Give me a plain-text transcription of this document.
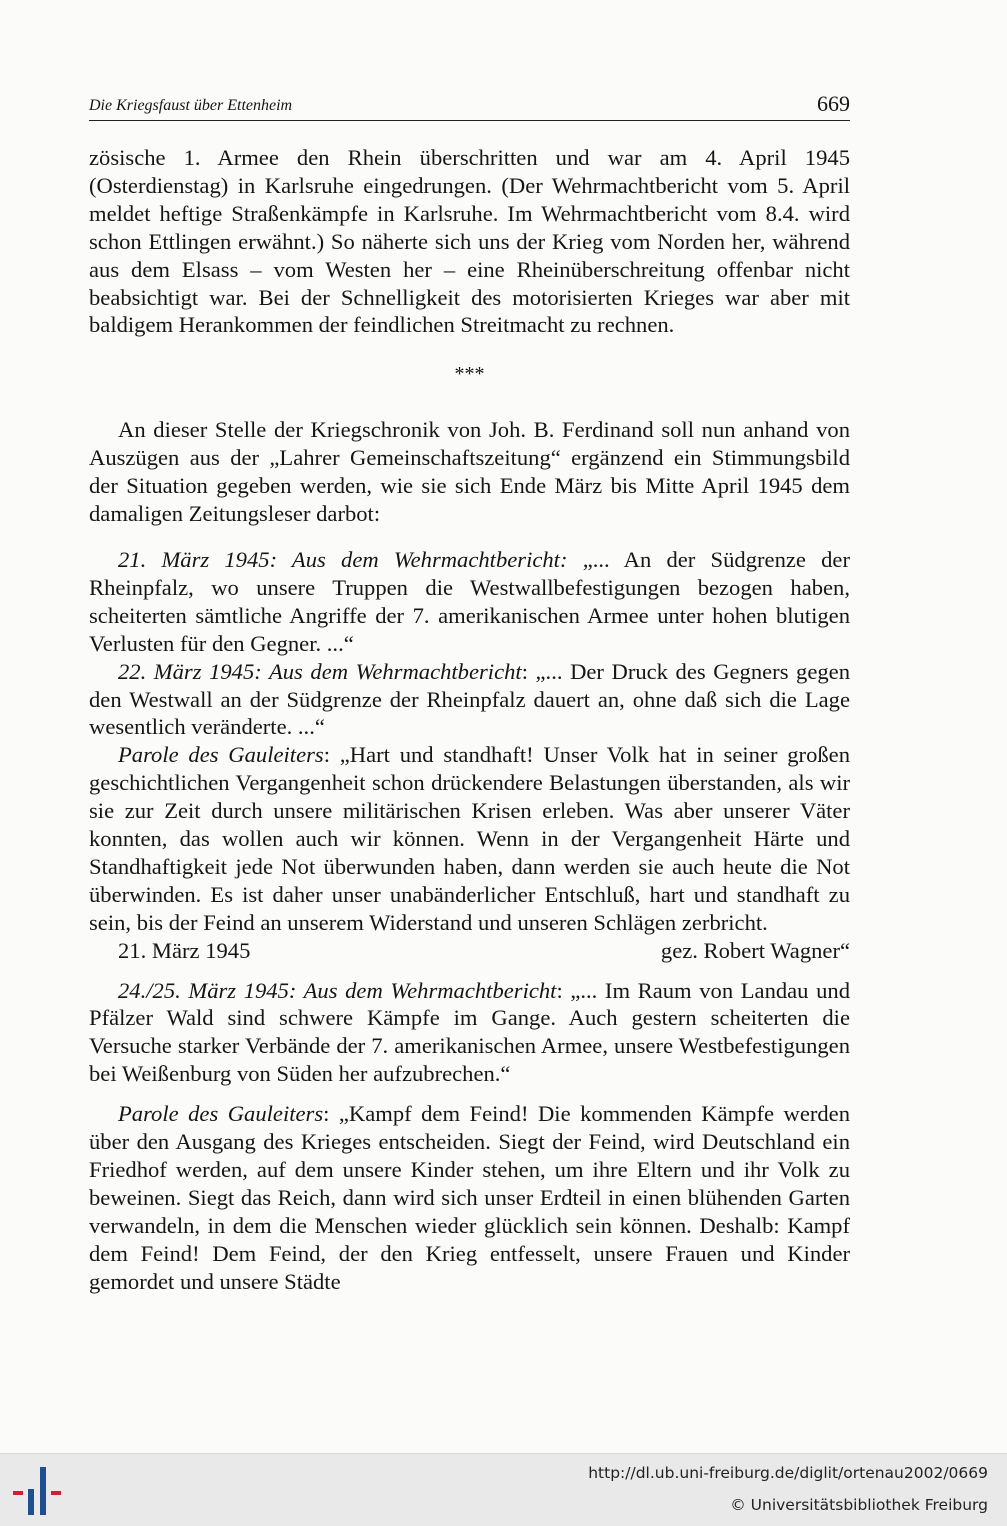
Die Kriegsfaust über Ettenheim	669

zösische 1. Armee den Rhein überschritten und war am 4. April 1945 (Osterdienstag) in Karlsruhe eingedrungen. (Der Wehrmachtbericht vom 5. April meldet heftige Straßenkämpfe in Karlsruhe. Im Wehrmachtbericht vom 8.4. wird schon Ettlingen erwähnt.) So näherte sich uns der Krieg vom Norden her, während aus dem Elsass – vom Westen her – eine Rheinüberschreitung offenbar nicht beabsichtigt war. Bei der Schnelligkeit des motorisierten Krieges war aber mit baldigem Herankommen der feindlichen Streitmacht zu rechnen.

***

An dieser Stelle der Kriegschronik von Joh. B. Ferdinand soll nun anhand von Auszügen aus der „Lahrer Gemeinschaftszeitung“ ergänzend ein Stimmungsbild der Situation gegeben werden, wie sie sich Ende März bis Mitte April 1945 dem damaligen Zeitungsleser darbot:

21. März 1945: Aus dem Wehrmachtbericht: „... An der Südgrenze der Rheinpfalz, wo unsere Truppen die Westwallbefestigungen bezogen haben, scheiterten sämtliche Angriffe der 7. amerikanischen Armee unter hohen blutigen Verlusten für den Gegner. ...“

22. März 1945: Aus dem Wehrmachtbericht: „... Der Druck des Gegners gegen den Westwall an der Südgrenze der Rheinpfalz dauert an, ohne daß sich die Lage wesentlich veränderte. ...“

Parole des Gauleiters: „Hart und standhaft! Unser Volk hat in seiner großen geschichtlichen Vergangenheit schon drückendere Belastungen überstanden, als wir sie zur Zeit durch unsere militärischen Krisen erleben. Was aber unserer Väter konnten, das wollen auch wir können. Wenn in der Vergangenheit Härte und Standhaftigkeit jede Not überwunden haben, dann werden sie auch heute die Not überwinden. Es ist daher unser unabänderlicher Entschluß, hart und standhaft zu sein, bis der Feind an unserem Widerstand und unseren Schlägen zerbricht.

21. März 1945	gez. Robert Wagner“

24./25. März 1945: Aus dem Wehrmachtbericht: „... Im Raum von Landau und Pfälzer Wald sind schwere Kämpfe im Gange. Auch gestern scheiterten die Versuche starker Verbände der 7. amerikanischen Armee, unsere Westbefestigungen bei Weißenburg von Süden her aufzubrechen.“

Parole des Gauleiters: „Kampf dem Feind! Die kommenden Kämpfe werden über den Ausgang des Krieges entscheiden. Siegt der Feind, wird Deutschland ein Friedhof werden, auf dem unsere Kinder stehen, um ihre Eltern und ihr Volk zu beweinen. Siegt das Reich, dann wird sich unser Erdteil in einen blühenden Garten verwandeln, in dem die Menschen wieder glücklich sein können. Deshalb: Kampf dem Feind! Dem Feind, der den Krieg entfesselt, unsere Frauen und Kinder gemordet und unsere Städte

http://dl.ub.uni-freiburg.de/diglit/ortenau2002/0669
© Universitätsbibliothek Freiburg
